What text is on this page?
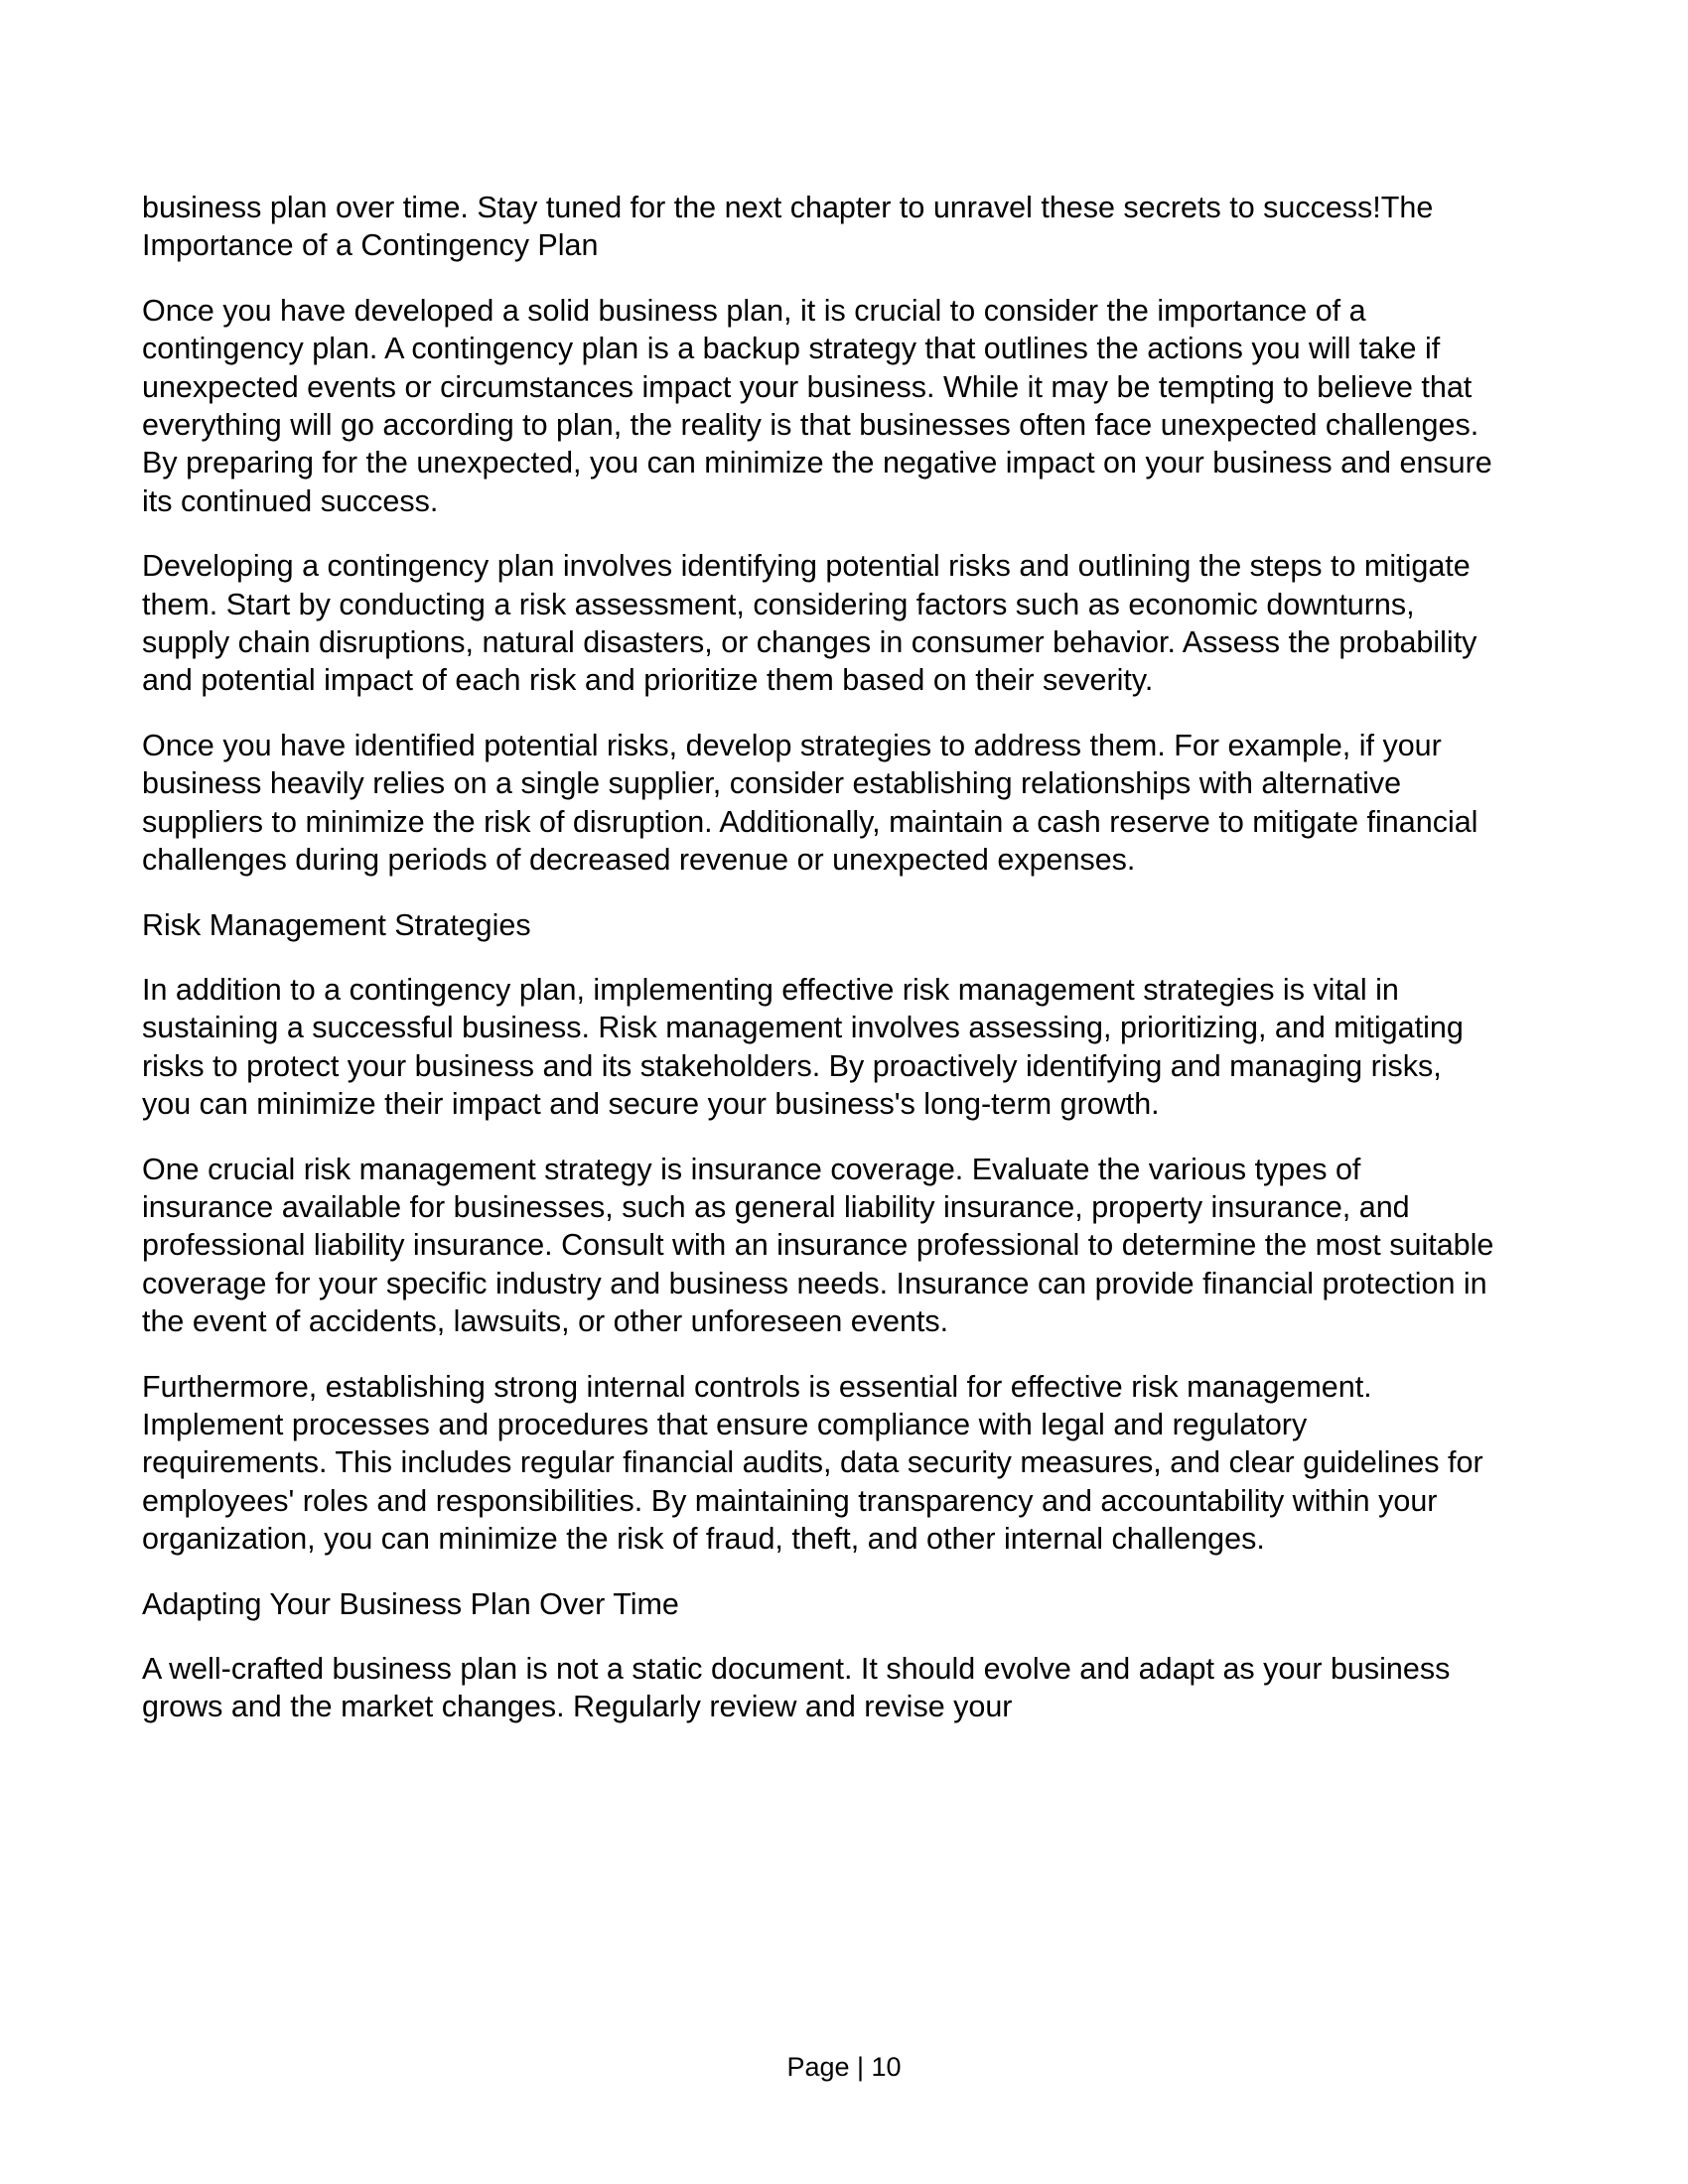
business plan over time. Stay tuned for the next chapter to unravel these secrets to success!The Importance of a Contingency Plan

Once you have developed a solid business plan, it is crucial to consider the importance of a contingency plan. A contingency plan is a backup strategy that outlines the actions you will take if unexpected events or circumstances impact your business. While it may be tempting to believe that everything will go according to plan, the reality is that businesses often face unexpected challenges. By preparing for the unexpected, you can minimize the negative impact on your business and ensure its continued success.

Developing a contingency plan involves identifying potential risks and outlining the steps to mitigate them. Start by conducting a risk assessment, considering factors such as economic downturns, supply chain disruptions, natural disasters, or changes in consumer behavior. Assess the probability and potential impact of each risk and prioritize them based on their severity.

Once you have identified potential risks, develop strategies to address them. For example, if your business heavily relies on a single supplier, consider establishing relationships with alternative suppliers to minimize the risk of disruption. Additionally, maintain a cash reserve to mitigate financial challenges during periods of decreased revenue or unexpected expenses.

Risk Management Strategies

In addition to a contingency plan, implementing effective risk management strategies is vital in sustaining a successful business. Risk management involves assessing, prioritizing, and mitigating risks to protect your business and its stakeholders. By proactively identifying and managing risks, you can minimize their impact and secure your business's long-term growth.

One crucial risk management strategy is insurance coverage. Evaluate the various types of insurance available for businesses, such as general liability insurance, property insurance, and professional liability insurance. Consult with an insurance professional to determine the most suitable coverage for your specific industry and business needs. Insurance can provide financial protection in the event of accidents, lawsuits, or other unforeseen events.

Furthermore, establishing strong internal controls is essential for effective risk management. Implement processes and procedures that ensure compliance with legal and regulatory requirements. This includes regular financial audits, data security measures, and clear guidelines for employees' roles and responsibilities. By maintaining transparency and accountability within your organization, you can minimize the risk of fraud, theft, and other internal challenges.

Adapting Your Business Plan Over Time

A well-crafted business plan is not a static document. It should evolve and adapt as your business grows and the market changes. Regularly review and revise your

Page | 10
